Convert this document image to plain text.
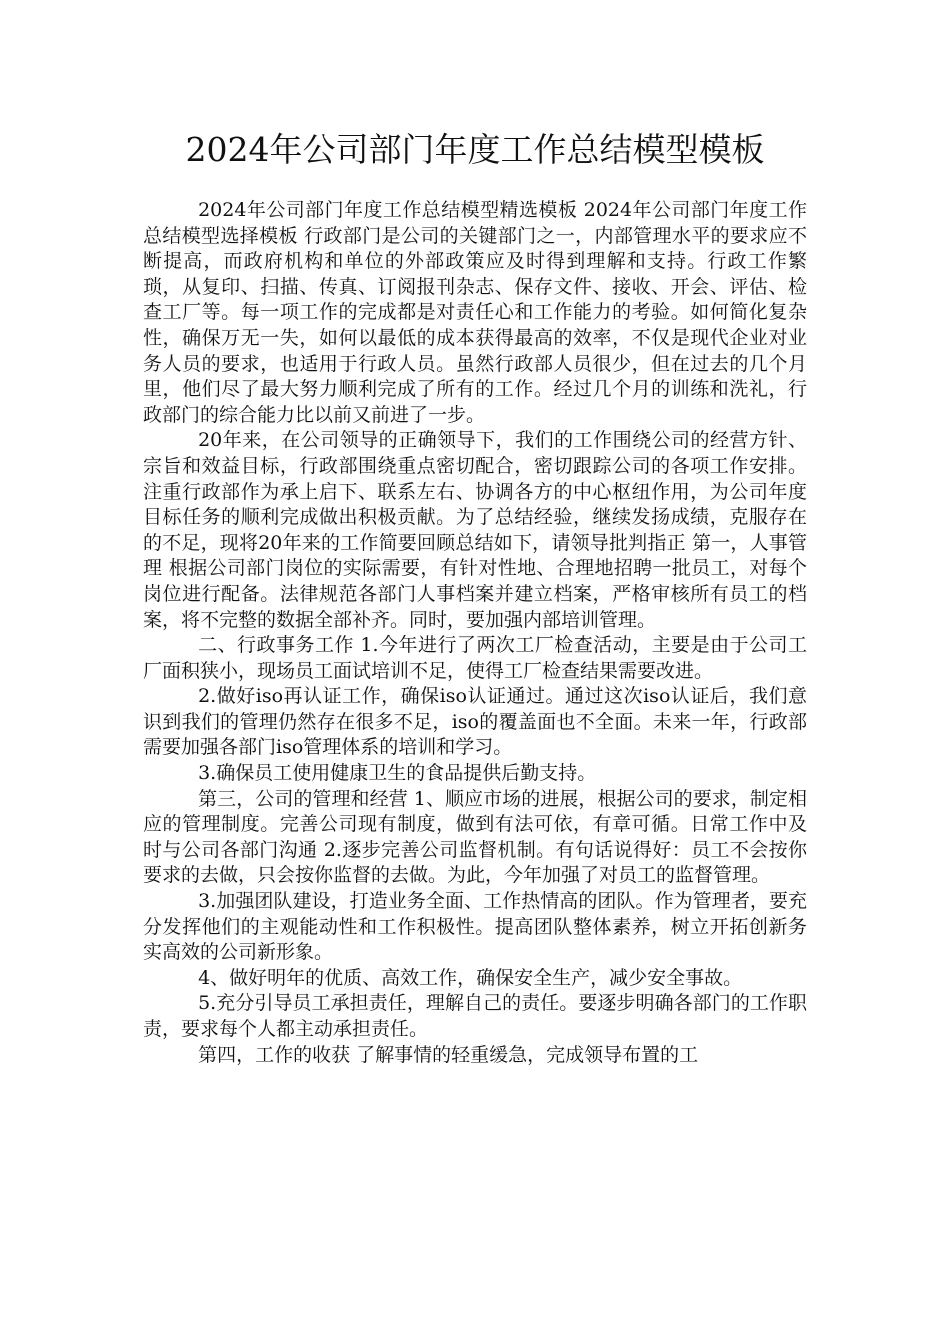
2024年公司部门年度工作总结模型模板

2024年公司部门年度工作总结模型精选模板 2024年公司部门年度工作总结模型选择模板 行政部门是公司的关键部门之一，内部管理水平的要求应不断提高，而政府机构和单位的外部政策应及时得到理解和支持。行政工作繁琐，从复印、扫描、传真、订阅报刊杂志、保存文件、接收、开会、评估、检查工厂等。每一项工作的完成都是对责任心和工作能力的考验。如何简化复杂性，确保万无一失，如何以最低的成本获得最高的效率，不仅是现代企业对业务人员的要求，也适用于行政人员。虽然行政部人员很少，但在过去的几个月里，他们尽了最大努力顺利完成了所有的工作。经过几个月的训练和洗礼，行政部门的综合能力比以前又前进了一步。

20年来，在公司领导的正确领导下，我们的工作围绕公司的经营方针、宗旨和效益目标，行政部围绕重点密切配合，密切跟踪公司的各项工作安排。注重行政部作为承上启下、联系左右、协调各方的中心枢纽作用，为公司年度目标任务的顺利完成做出积极贡献。为了总结经验，继续发扬成绩，克服存在的不足，现将20年来的工作简要回顾总结如下，请领导批判指正 第一，人事管理 根据公司部门岗位的实际需要，有针对性地、合理地招聘一批员工，对每个岗位进行配备。法律规范各部门人事档案并建立档案，严格审核所有员工的档案，将不完整的数据全部补齐。同时，要加强内部培训管理。

二、行政事务工作 1.今年进行了两次工厂检查活动，主要是由于公司工厂面积狭小，现场员工面试培训不足，使得工厂检查结果需要改进。

2.做好iso再认证工作，确保iso认证通过。通过这次iso认证后，我们意识到我们的管理仍然存在很多不足，iso的覆盖面也不全面。未来一年，行政部需要加强各部门iso管理体系的培训和学习。

3.确保员工使用健康卫生的食品提供后勤支持。

第三，公司的管理和经营 1、顺应市场的进展，根据公司的要求，制定相应的管理制度。完善公司现有制度，做到有法可依，有章可循。日常工作中及时与公司各部门沟通 2.逐步完善公司监督机制。有句话说得好：员工不会按你要求的去做，只会按你监督的去做。为此，今年加强了对员工的监督管理。

3.加强团队建设，打造业务全面、工作热情高的团队。作为管理者，要充分发挥他们的主观能动性和工作积极性。提高团队整体素养，树立开拓创新务实高效的公司新形象。

4、做好明年的优质、高效工作，确保安全生产，减少安全事故。

5.充分引导员工承担责任，理解自己的责任。要逐步明确各部门的工作职责，要求每个人都主动承担责任。

第四，工作的收获 了解事情的轻重缓急，完成领导布置的工
